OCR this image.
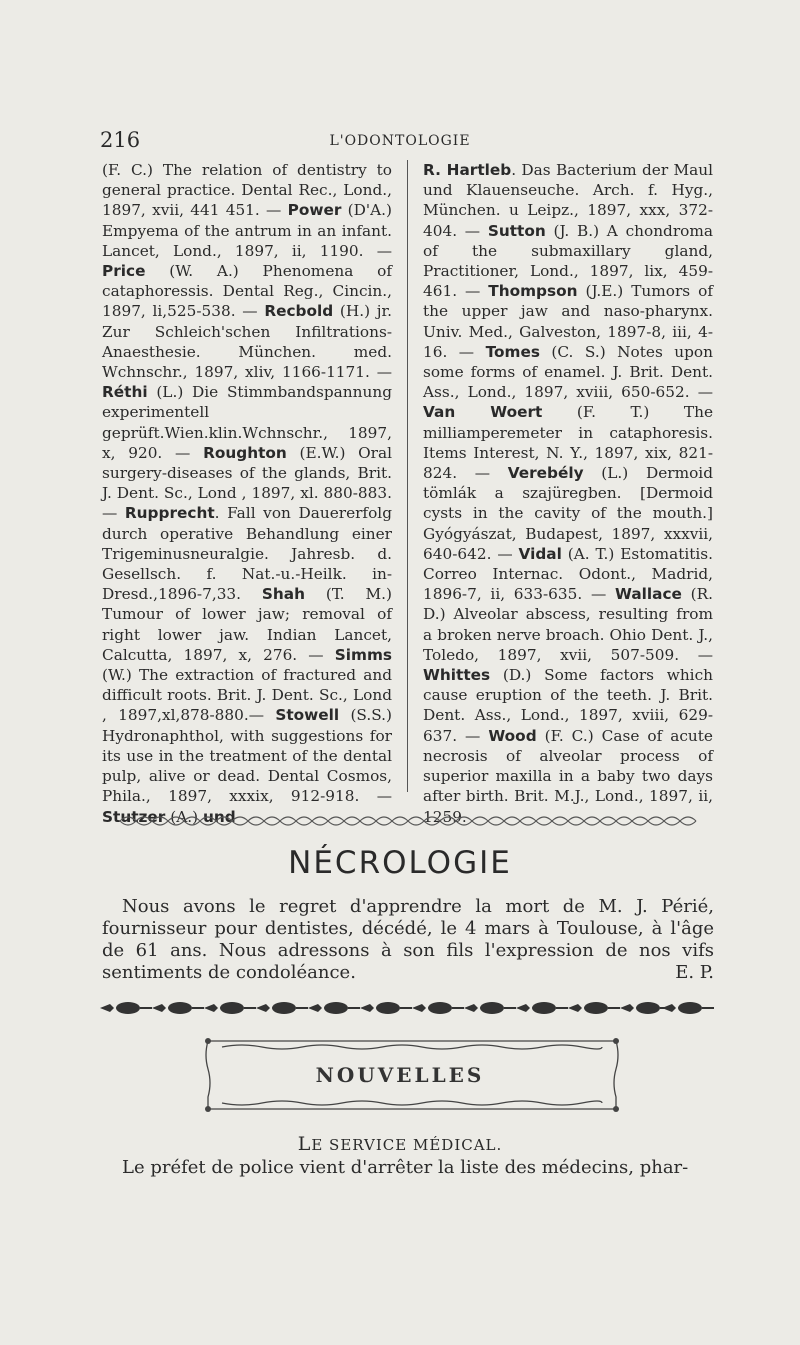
216	L'ODONTOLOGIE
(F. C.) The relation of dentistry to general practice. Dental Rec., Lond., 1897, xvii, 441 451. — Power (D'A.) Empyema of the antrum in an infant. Lancet, Lond., 1897, ii, 1190. — Price (W. A.) Phenomena of cataphoressis. Dental Reg., Cincin., 1897, li,525-538. — Recbold (H.) jr. Zur Schleich'schen Infiltrations-Anaesthesie. München. med. Wchnschr., 1897, xliv, 1166-1171. — Réthi (L.) Die Stimmbandspannung experimentell geprüft.Wien.klin.Wchnschr., 1897, x, 920. — Roughton (E.W.) Oral surgery-diseases of the glands, Brit. J. Dent. Sc., Lond , 1897, xl. 880-883. — Rupprecht. Fall von Dauererfolg durch operative Behandlung einer Trigeminusneuralgie. Jahresb. d. Gesellsch. f. Nat.-u.-Heilk. in-Dresd.,1896-7,33. Shah (T. M.) Tumour of lower jaw; removal of right lower jaw. Indian Lancet, Calcutta, 1897, x, 276. — Simms (W.) The extraction of fractured and difficult roots. Brit. J. Dent. Sc., Lond , 1897,xl,878-880.— Stowell (S.S.) Hydronaphthol, with suggestions for its use in the treatment of the dental pulp, alive or dead. Dental Cosmos, Phila., 1897, xxxix, 912-918. — Stutzer (A.) und
R. Hartleb. Das Bacterium der Maul und Klauenseuche. Arch. f. Hyg., München. u Leipz., 1897, xxx, 372-404. — Sutton (J. B.) A chondroma of the submaxillary gland, Practitioner, Lond., 1897, lix, 459-461. — Thompson (J.E.) Tumors of the upper jaw and naso-pharynx. Univ. Med., Galveston, 1897-8, iii, 4-16. — Tomes (C. S.) Notes upon some forms of enamel. J. Brit. Dent. Ass., Lond., 1897, xviii, 650-652. — Van Woert (F. T.) The milliamperemeter in cataphoresis. Items Interest, N. Y., 1897, xix, 821-824. — Verebély (L.) Dermoid tömlák a szajüregben. [Dermoid cysts in the cavity of the mouth.] Gyógyászat, Budapest, 1897, xxxvii, 640-642. — Vidal (A. T.) Estomatitis. Correo Internac. Odont., Madrid, 1896-7, ii, 633-635. — Wallace (R. D.) Alveolar abscess, resulting from a broken nerve broach. Ohio Dent. J., Toledo, 1897, xvii, 507-509. — Whittes (D.) Some factors which cause eruption of the teeth. J. Brit. Dent. Ass., Lond., 1897, xviii, 629-637. — Wood (F. C.) Case of acute necrosis of alveolar process of superior maxilla in a baby two days after birth. Brit. M.J., Lond., 1897, ii, 1259.
NÉCROLOGIE
Nous avons le regret d'apprendre la mort de M. J. Périé, fournisseur pour dentistes, décédé, le 4 mars à Toulouse, à l'âge de 61 ans. Nous adressons à son fils l'expression de nos vifs sentiments de condoléance.	E. P.
NOUVELLES
LE SERVICE MÉDICAL.
Le préfet de police vient d'arrêter la liste des médecins, phar-
